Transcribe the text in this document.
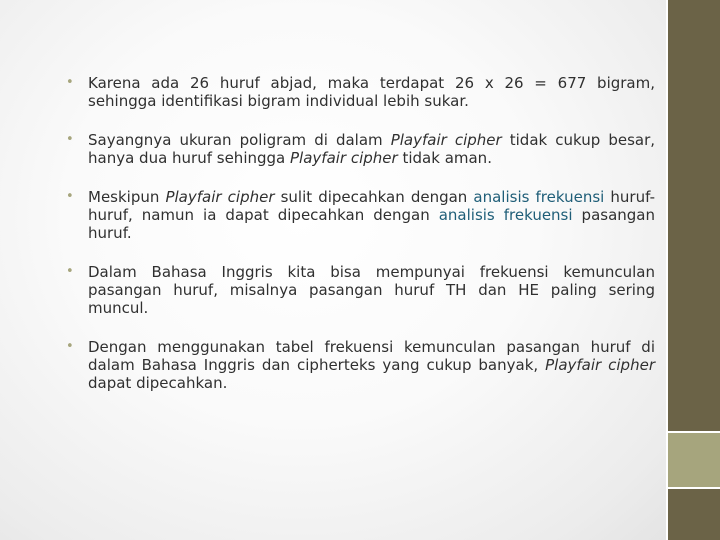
• Karena ada 26 huruf abjad, maka terdapat 26 x 26 = 677 bigram, sehingga identifikasi bigram individual lebih sukar.
• Sayangnya ukuran poligram di dalam Playfair cipher tidak cukup besar, hanya dua huruf sehingga Playfair cipher tidak aman.
• Meskipun Playfair cipher sulit dipecahkan dengan analisis frekuensi huruf-huruf, namun ia dapat dipecahkan dengan analisis frekuensi pasangan huruf.
• Dalam Bahasa Inggris kita bisa mempunyai frekuensi kemunculan pasangan huruf, misalnya pasangan huruf TH dan HE paling sering muncul.
• Dengan menggunakan tabel frekuensi kemunculan pasangan huruf di dalam Bahasa Inggris dan cipherteks yang cukup banyak, Playfair cipher dapat dipecahkan.
